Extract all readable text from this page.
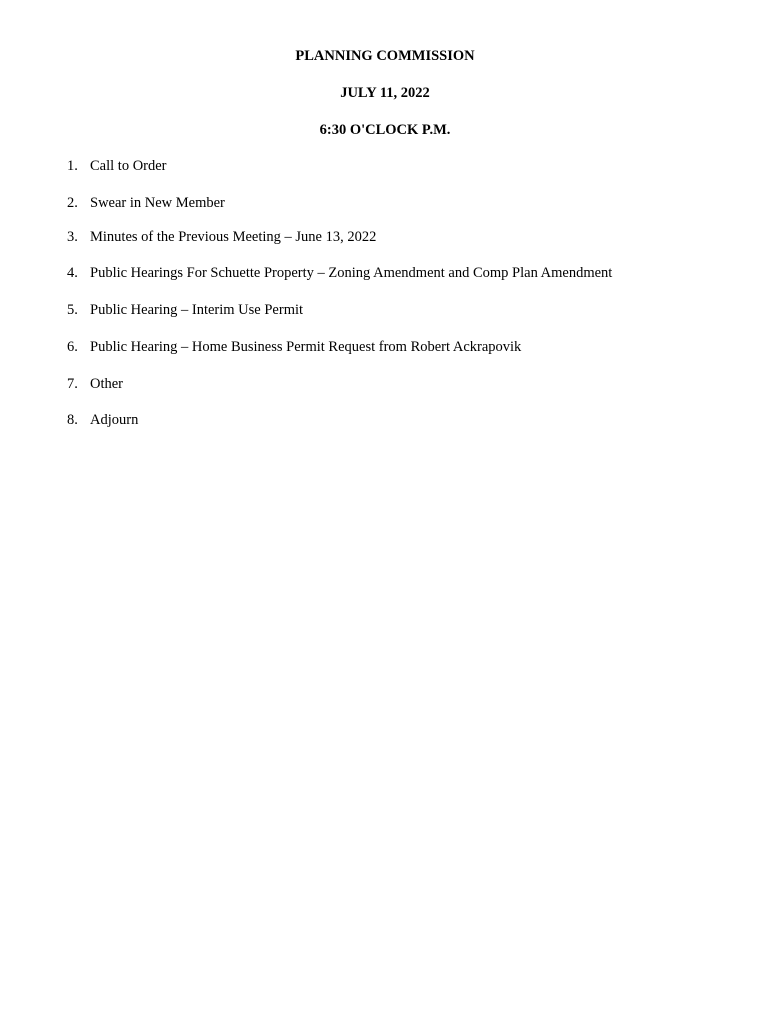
PLANNING COMMISSION
JULY 11, 2022
6:30 O'CLOCK P.M.
1. Call to Order
2. Swear in New Member
3. Minutes of the Previous Meeting – June 13, 2022
4. Public Hearings For Schuette Property – Zoning Amendment and Comp Plan Amendment
5. Public Hearing – Interim Use Permit
6. Public Hearing – Home Business Permit Request from Robert Ackrapovik
7. Other
8. Adjourn
